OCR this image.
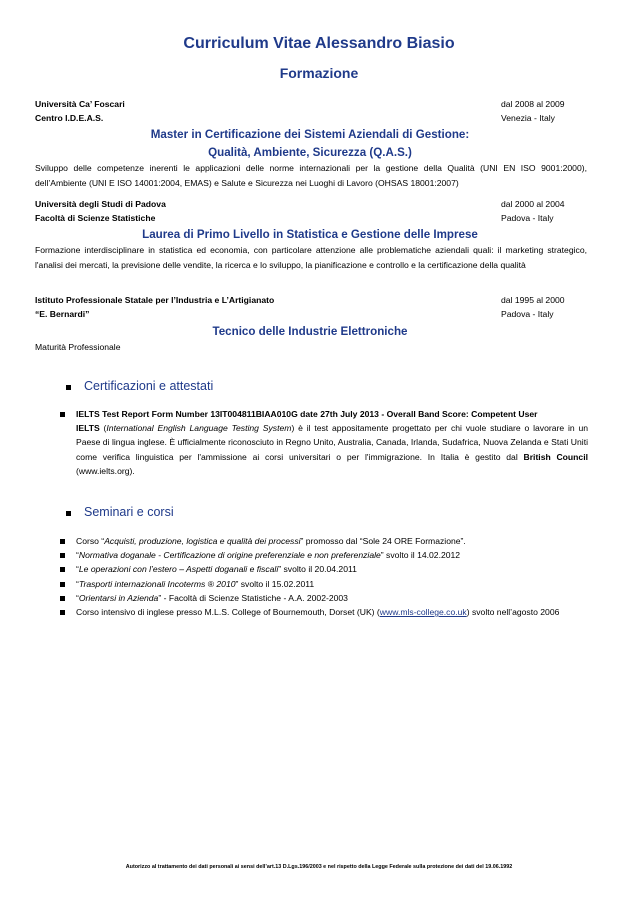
Curriculum Vitae Alessandro Biasio
Formazione
Università Ca’ Foscari	dal 2008 al 2009
Centro I.D.E.A.S.	Venezia - Italy
Master in Certificazione dei Sistemi Aziendali di Gestione:
Qualità, Ambiente, Sicurezza (Q.A.S.)
Sviluppo delle competenze inerenti le applicazioni delle norme internazionali per la gestione della Qualità (UNI EN ISO 9001:2000), dell’Ambiente (UNI E ISO 14001:2004, EMAS) e Salute e Sicurezza nei Luoghi di Lavoro (OHSAS 18001:2007)
Università degli Studi di Padova	dal 2000 al 2004
Facoltà di Scienze Statistiche	Padova - Italy
Laurea di Primo Livello in Statistica e Gestione delle Imprese
Formazione interdisciplinare in statistica ed economia, con particolare attenzione alle problematiche aziendali quali: il marketing strategico, l'analisi dei mercati, la previsione delle vendite, la ricerca e lo sviluppo, la pianificazione e controllo e la certificazione della qualità
Istituto Professionale Statale per l’Industria e L’Artigianato	dal 1995 al 2000
“E. Bernardi”	Padova - Italy
Tecnico delle Industrie Elettroniche
Maturità Professionale
Certificazioni e attestati
IELTS Test Report Form Number 13IT004811BIAA010G date 27th July 2013 - Overall Band Score: Competent User
IELTS (International English Language Testing System) è il test appositamente progettato per chi vuole studiare o lavorare in un Paese di lingua inglese. È ufficialmente riconosciuto in Regno Unito, Australia, Canada, Irlanda, Sudafrica, Nuova Zelanda e Stati Uniti come verifica linguistica per l'ammissione ai corsi universitari o per l'immigrazione. In Italia è gestito dal British Council (www.ielts.org).
Seminari e corsi
Corso “Acquisti, produzione, logistica e qualità dei processi” promosso dal “Sole 24 ORE Formazione”.
“Normativa doganale - Certificazione di origine preferenziale e non preferenziale” svolto il 14.02.2012
“Le operazioni con l’estero – Aspetti doganali e fiscali” svolto il 20.04.2011
“Trasporti internazionali Incoterms ® 2010” svolto il 15.02.2011
“Orientarsi in Azienda” - Facoltà di Scienze Statistiche - A.A. 2002-2003
Corso intensivo di inglese presso M.L.S. College of Bournemouth, Dorset (UK) (www.mls-college.co.uk) svolto nell’agosto 2006
Autorizzo al trattamento dei dati personali ai sensi dell’art.13 D.Lgs.196/2003 e nel rispetto della Legge Federale sulla protezione dei dati del 19.06.1992
